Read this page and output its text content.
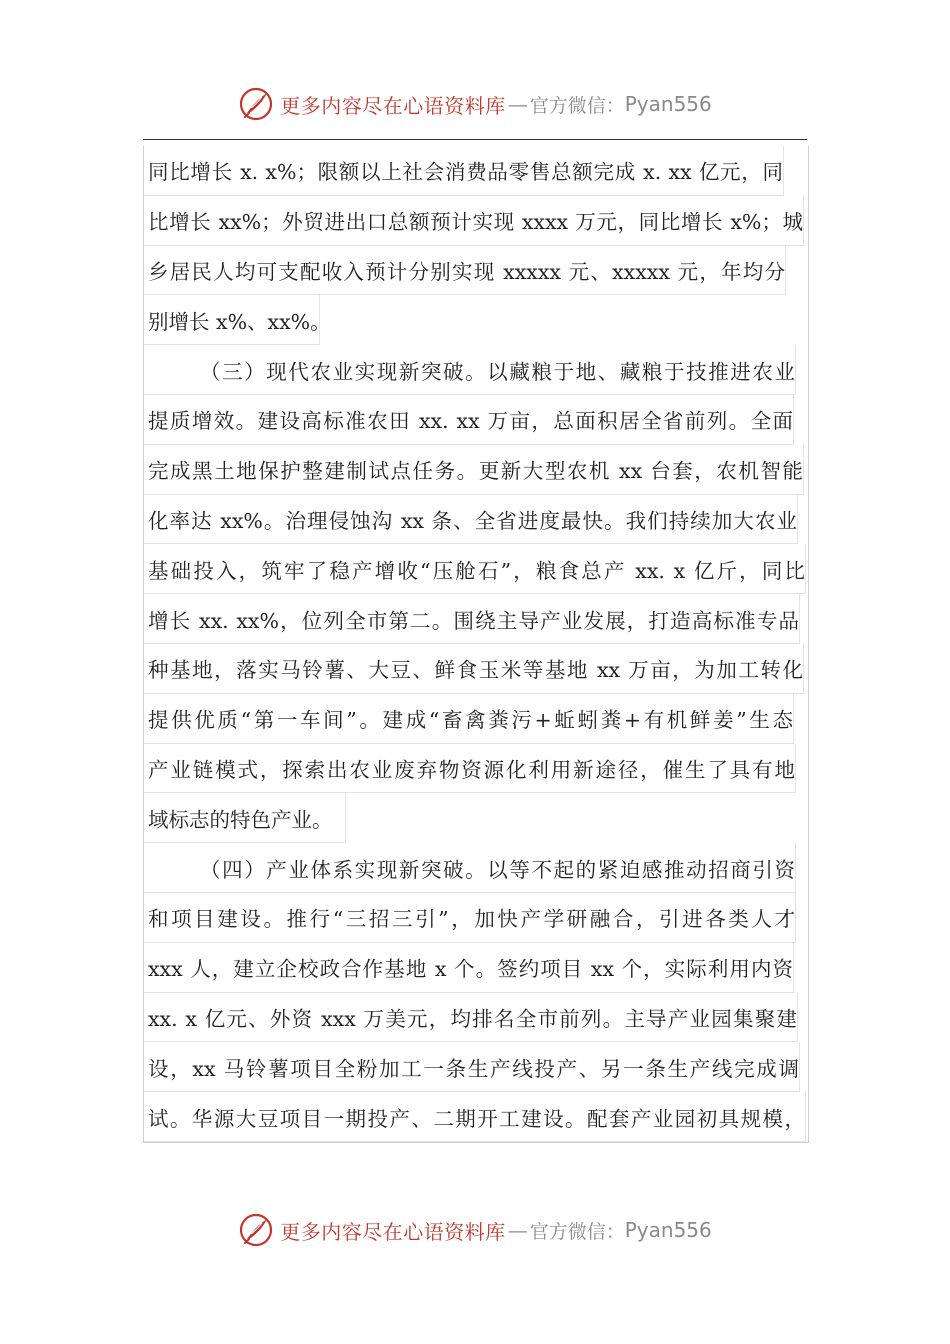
更多内容尽在心语资料库 — 官方微信： Pyan556
同比增长 x. x%；限额以上社会消费品零售总额完成 x. xx 亿元，同
比增长 xx%；外贸进出口总额预计实现 xxxx 万元，同比增长 x%；城
乡居民人均可支配收入预计分别实现 xxxxx 元、xxxxx 元，年均分
别增长 x%、xx%。
（三）现代农业实现新突破。以藏粮于地、藏粮于技推进农业
提质增效。建设高标准农田 xx. xx 万亩，总面积居全省前列。全面
完成黑土地保护整建制试点任务。更新大型农机 xx 台套，农机智能
化率达 xx%。治理侵蚀沟 xx 条、全省进度最快。我们持续加大农业
基础投入，筑牢了稳产增收“压舱石”，粮食总产 xx. x 亿斤，同比
增长 xx. xx%，位列全市第二。围绕主导产业发展，打造高标准专品
种基地，落实马铃薯、大豆、鲜食玉米等基地 xx 万亩，为加工转化
提供优质“第一车间”。建成“畜禽粪污+蚯蚓粪+有机鲜姜”生态
产业链模式，探索出农业废弃物资源化利用新途径，催生了具有地
域标志的特色产业。
（四）产业体系实现新突破。以等不起的紧迫感推动招商引资
和项目建设。推行“三招三引”，加快产学研融合，引进各类人才
xxx 人，建立企校政合作基地 x 个。签约项目 xx 个，实际利用内资
xx. x 亿元、外资 xxx 万美元，均排名全市前列。主导产业园集聚建
设，xx 马铃薯项目全粉加工一条生产线投产、另一条生产线完成调
试。华源大豆项目一期投产、二期开工建设。配套产业园初具规模，
更多内容尽在心语资料库 — 官方微信： Pyan556
